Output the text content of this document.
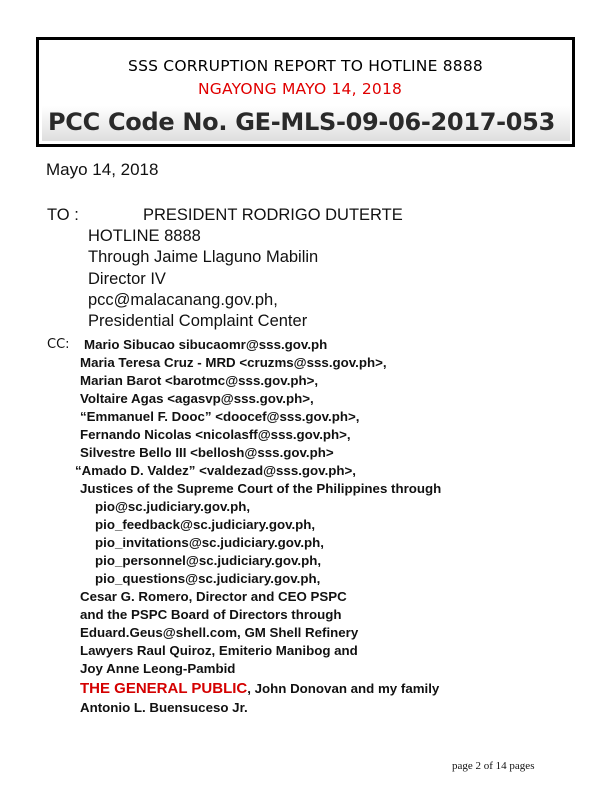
SSS CORRUPTION REPORT TO HOTLINE 8888
NGAYONG MAYO 14, 2018
PCC Code No. GE-MLS-09-06-2017-053
Mayo 14, 2018
TO :	PRESIDENT RODRIGO DUTERTE
HOTLINE 8888
Through Jaime Llaguno Mabilin
Director IV
pcc@malacanang.gov.ph,
Presidential Complaint Center
CC: Mario Sibucao sibucaomr@sss.gov.ph
Maria Teresa Cruz - MRD <cruzms@sss.gov.ph>,
Marian Barot <barotmc@sss.gov.ph>,
Voltaire Agas <agasvp@sss.gov.ph>,
“Emmanuel F. Dooc” <doocef@sss.gov.ph>,
Fernando Nicolas <nicolasff@sss.gov.ph>,
Silvestre Bello III <bellosh@sss.gov.ph>
“Amado D. Valdez” <valdezad@sss.gov.ph>,
Justices of the Supreme Court of the Philippines through
pio@sc.judiciary.gov.ph,
pio_feedback@sc.judiciary.gov.ph,
pio_invitations@sc.judiciary.gov.ph,
pio_personnel@sc.judiciary.gov.ph,
pio_questions@sc.judiciary.gov.ph,
Cesar G. Romero, Director and CEO PSPC
and the PSPC Board of Directors through
Eduard.Geus@shell.com, GM Shell Refinery
Lawyers Raul Quiroz, Emiterio Manibog and
Joy Anne Leong-Pambid
THE GENERAL PUBLIC, John Donovan and my family
Antonio L. Buensuceso Jr.
page 2 of 14 pages
